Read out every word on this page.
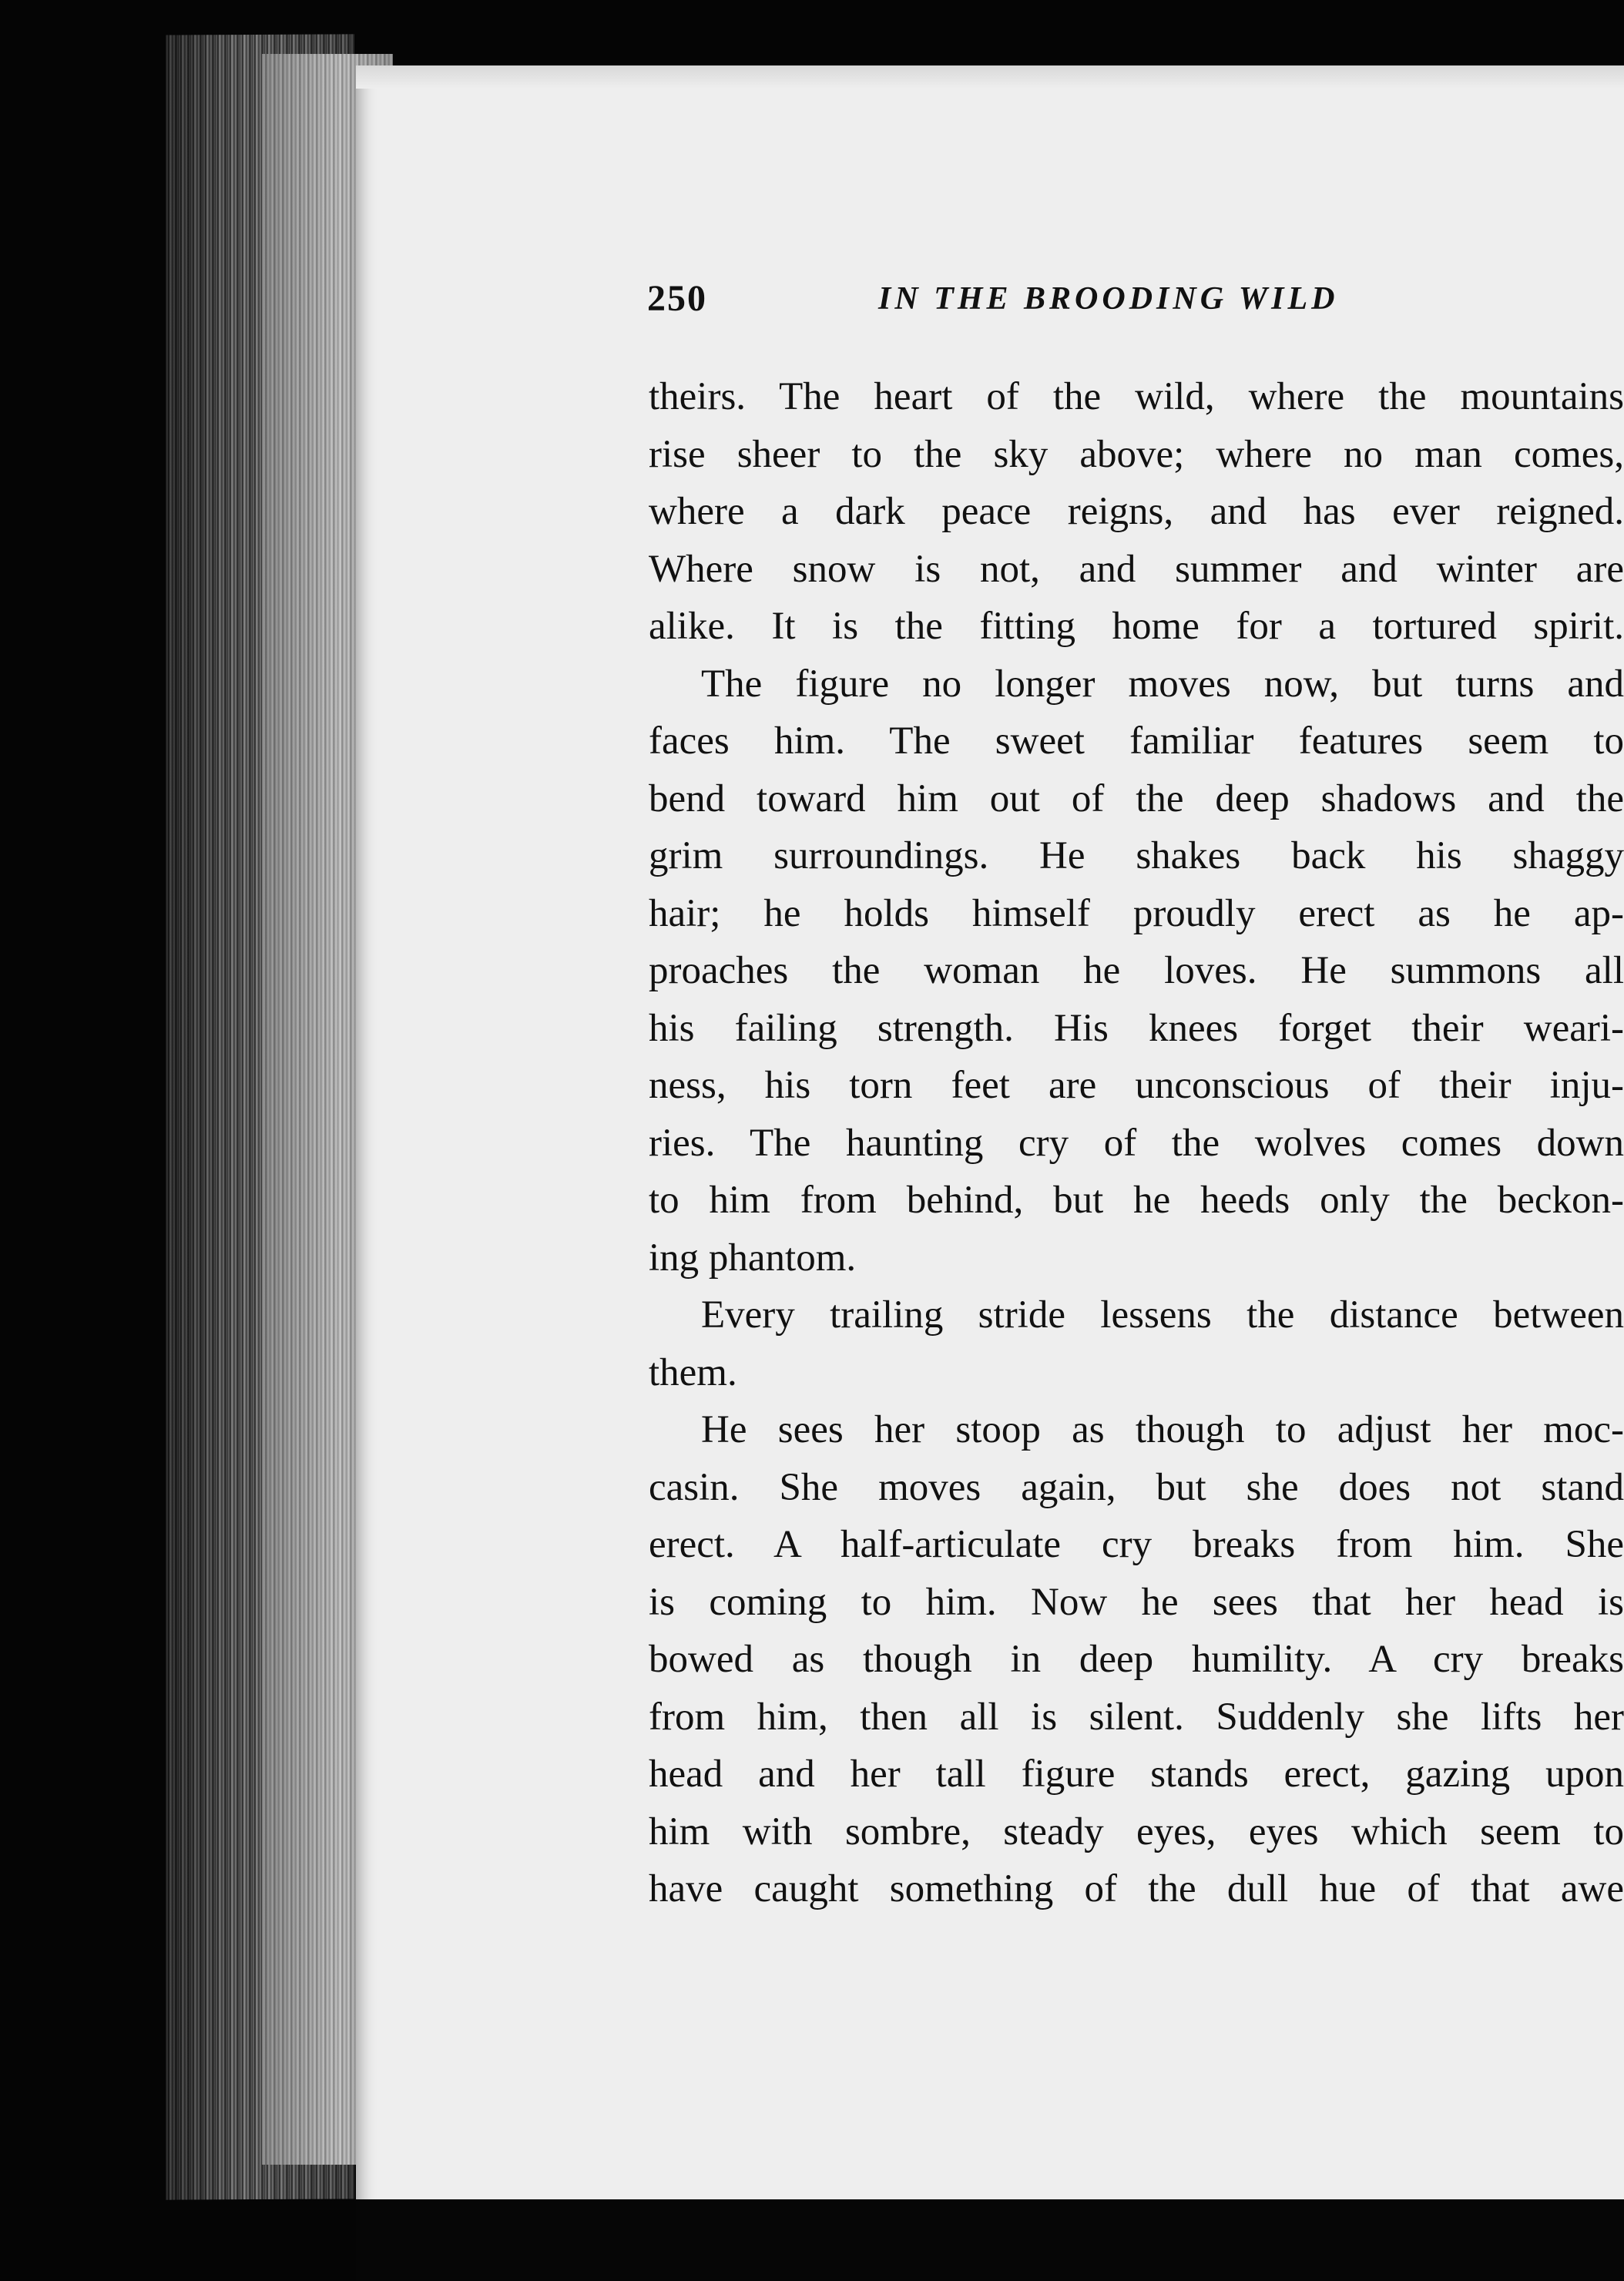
250	IN THE BROODING WILD
theirs. The heart of the wild, where the mountains
rise sheer to the sky above; where no man comes,
where a dark peace reigns, and has ever reigned.
Where snow is not, and summer and winter are
alike. It is the fitting home for a tortured spirit.
The figure no longer moves now, but turns and
faces him. The sweet familiar features seem to
bend toward him out of the deep shadows and the
grim surroundings. He shakes back his shaggy
hair; he holds himself proudly erect as he ap-
proaches the woman he loves. He summons all
his failing strength. His knees forget their weari-
ness, his torn feet are unconscious of their inju-
ries. The haunting cry of the wolves comes down
to him from behind, but he heeds only the beckon-
ing phantom.
Every trailing stride lessens the distance between
them.
He sees her stoop as though to adjust her moc-
casin. She moves again, but she does not stand
erect. A half-articulate cry breaks from him. She
is coming to him. Now he sees that her head is
bowed as though in deep humility. A cry breaks
from him, then all is silent. Suddenly she lifts her
head and her tall figure stands erect, gazing upon
him with sombre, steady eyes, eyes which seem to
have caught something of the dull hue of that awe
